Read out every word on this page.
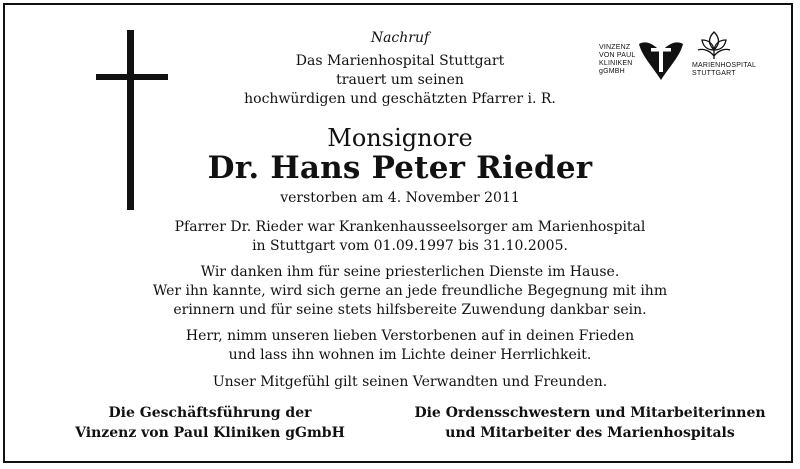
Nachruf
Das Marienhospital Stuttgart
trauert um seinen
hochwürdigen und geschätzten Pfarrer i. R.
Monsignore
Dr. Hans Peter Rieder
verstorben am 4. November 2011
Pfarrer Dr. Rieder war Krankenhausseelsorger am Marienhospital
in Stuttgart vom 01.09.1997 bis 31.10.2005.
Wir danken ihm für seine priesterlichen Dienste im Hause.
Wer ihn kannte, wird sich gerne an jede freundliche Begegnung mit ihm
erinnern und für seine stets hilfsbereite Zuwendung dankbar sein.
Herr, nimm unseren lieben Verstorbenen auf in deinen Frieden
und lass ihn wohnen im Lichte deiner Herrlichkeit.
Unser Mitgefühl gilt seinen Verwandten und Freunden.
Die Geschäftsführung der
Vinzenz von Paul Kliniken gGmbH
Die Ordensschwestern und Mitarbeiterinnen
und Mitarbeiter des Marienhospitals
VINZENZ
VON PAUL
KLINIKEN
gGMBH
MARIENHOSPITAL
STUTTGART
